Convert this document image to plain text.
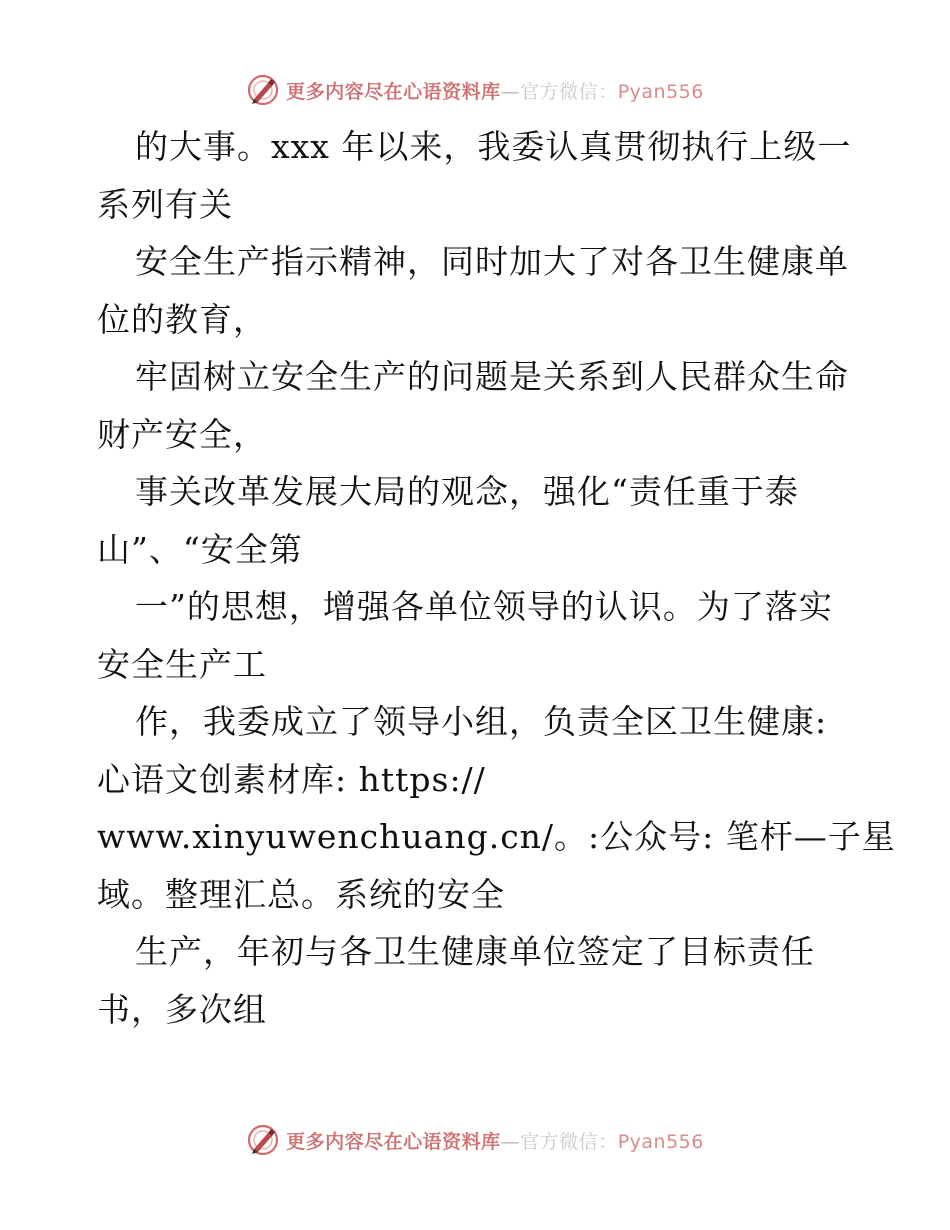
更多内容尽在心语资料库—官方微信：Pyan556
的大事。xxx 年以来，我委认真贯彻执行上级一
系列有关
安全生产指示精神，同时加大了对各卫生健康单
位的教育，
牢固树立安全生产的问题是关系到人民群众生命
财产安全，
事关改革发展大局的观念，强化“责任重于泰
山”、“安全第
一”的思想，增强各单位领导的认识。为了落实
安全生产工
作，我委成立了领导小组，负责全区卫生健康:
心语文创素材库: https://
www.xinyuwenchuang.cn/。:公众号: 笔杆—子星
域。整理汇总。系统的安全
生产，年初与各卫生健康单位签定了目标责任
书，多次组
更多内容尽在心语资料库—官方微信：Pyan556
